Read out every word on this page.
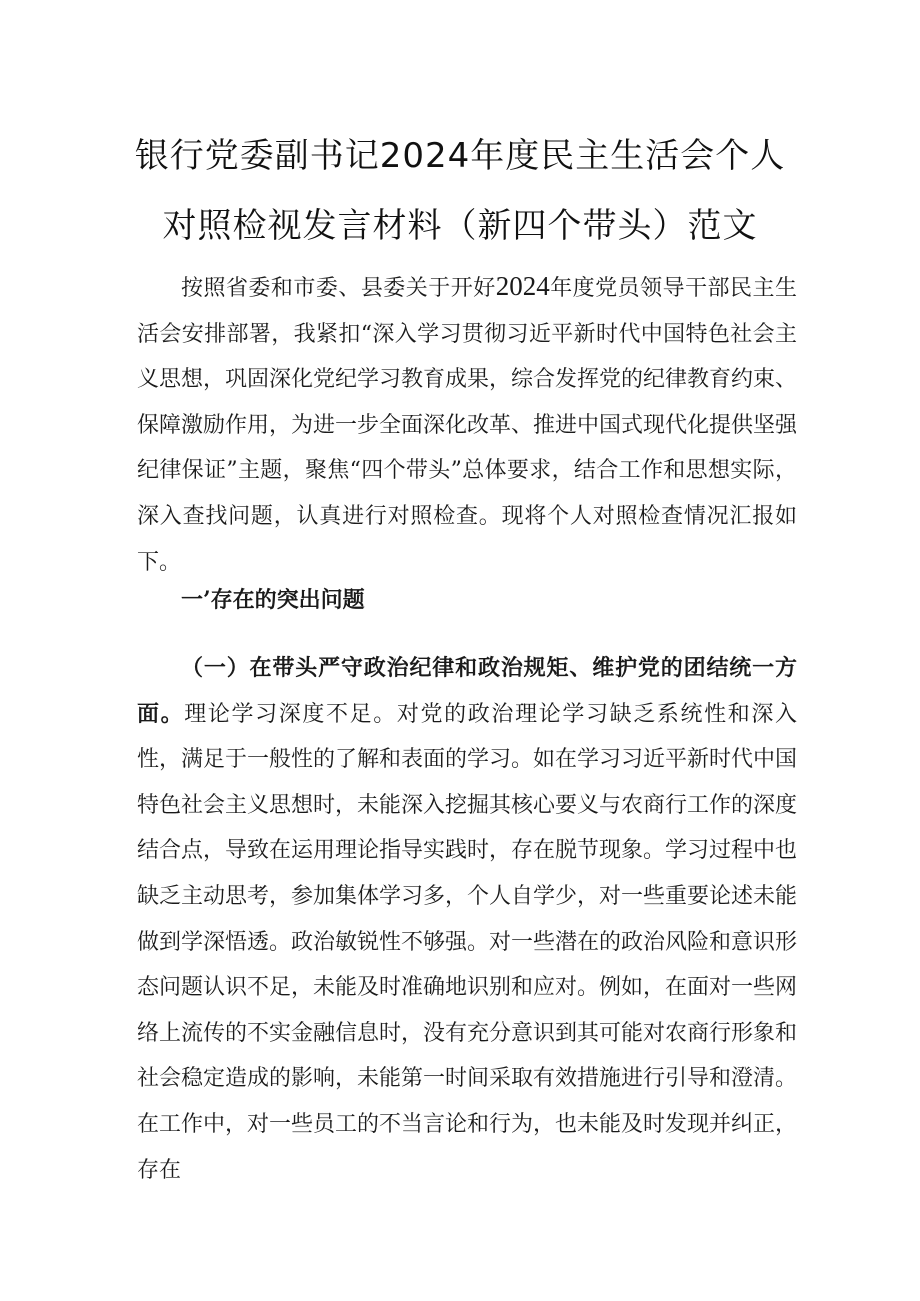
银行党委副书记2024年度民主生活会个人
对照检视发言材料（新四个带头）范文
按照省委和市委、县委关于开好2024年度党员领导干部民主生活会安排部署，我紧扣“深入学习贯彻习近平新时代中国特色社会主义思想，巩固深化党纪学习教育成果，综合发挥党的纪律教育约束、保障激励作用，为进一步全面深化改革、推进中国式现代化提供坚强纪律保证”主题，聚焦“四个带头”总体要求，结合工作和思想实际，深入查找问题，认真进行对照检查。现将个人对照检查情况汇报如下。
一’存在的突出问题
（一）在带头严守政治纪律和政治规矩、维护党的团结统一方面。理论学习深度不足。对党的政治理论学习缺乏系统性和深入性，满足于一般性的了解和表面的学习。如在学习习近平新时代中国特色社会主义思想时，未能深入挖掘其核心要义与农商行工作的深度结合点，导致在运用理论指导实践时，存在脱节现象。学习过程中也缺乏主动思考，参加集体学习多，个人自学少，对一些重要论述未能做到学深悟透。政治敏锐性不够强。对一些潜在的政治风险和意识形态问题认识不足，未能及时准确地识别和应对。例如，在面对一些网络上流传的不实金融信息时，没有充分意识到其可能对农商行形象和社会稳定造成的影响，未能第一时间采取有效措施进行引导和澄清。在工作中，对一些员工的不当言论和行为，也未能及时发现并纠正，存在
